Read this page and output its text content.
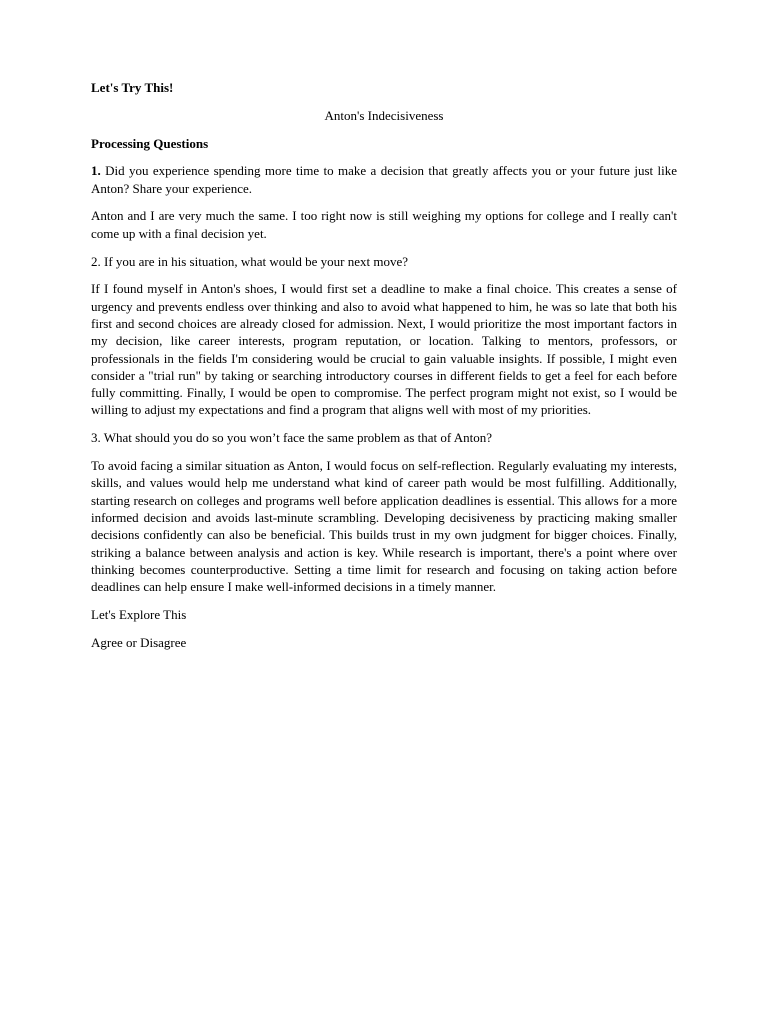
Let's Try This!

Anton's Indecisiveness

Processing Questions

1. Did you experience spending more time to make a decision that greatly affects you or your future just like Anton? Share your experience.

Anton and I are very much the same. I too right now is still weighing my options for college and I really can't come up with a final decision yet.

2. If you are in his situation, what would be your next move?

If I found myself in Anton's shoes, I would first set a deadline to make a final choice. This creates a sense of urgency and prevents endless over thinking and also to avoid what happened to him, he was so late that both his first and second choices are already closed for admission. Next, I would prioritize the most important factors in my decision, like career interests, program reputation, or location. Talking to mentors, professors, or professionals in the fields I'm considering would be crucial to gain valuable insights. If possible, I might even consider a "trial run" by taking or searching introductory courses in different fields to get a feel for each before fully committing. Finally, I would be open to compromise. The perfect program might not exist, so I would be willing to adjust my expectations and find a program that aligns well with most of my priorities.

3. What should you do so you won’t face the same problem as that of Anton?

To avoid facing a similar situation as Anton, I would focus on self-reflection. Regularly evaluating my interests, skills, and values would help me understand what kind of career path would be most fulfilling. Additionally, starting research on colleges and programs well before application deadlines is essential. This allows for a more informed decision and avoids last-minute scrambling. Developing decisiveness by practicing making smaller decisions confidently can also be beneficial. This builds trust in my own judgment for bigger choices. Finally, striking a balance between analysis and action is key. While research is important, there's a point where over thinking becomes counterproductive. Setting a time limit for research and focusing on taking action before deadlines can help ensure I make well-informed decisions in a timely manner.

Let's Explore This

Agree or Disagree
